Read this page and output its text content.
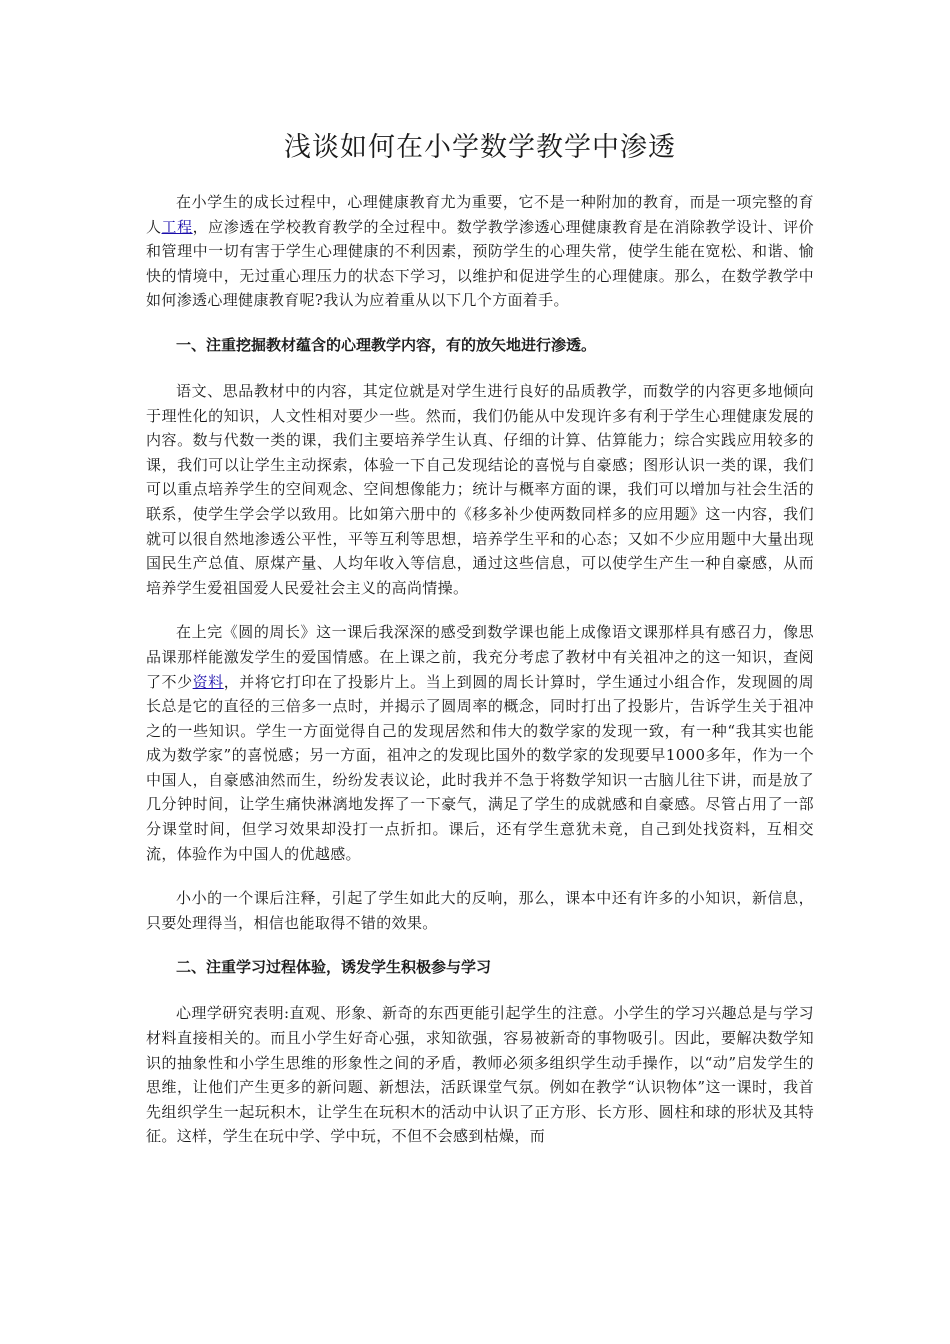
浅谈如何在小学数学教学中渗透

在小学生的成长过程中，心理健康教育尤为重要，它不是一种附加的教育，而是一项完整的育人工程，应渗透在学校教育教学的全过程中。数学教学渗透心理健康教育是在消除教学设计、评价和管理中一切有害于学生心理健康的不利因素，预防学生的心理失常，使学生能在宽松、和谐、愉快的情境中，无过重心理压力的状态下学习，以维护和促进学生的心理健康。那么，在数学教学中如何渗透心理健康教育呢?我认为应着重从以下几个方面着手。

一、注重挖掘教材蕴含的心理教学内容，有的放矢地进行渗透。

语文、思品教材中的内容，其定位就是对学生进行良好的品质教学，而数学的内容更多地倾向于理性化的知识，人文性相对要少一些。然而，我们仍能从中发现许多有利于学生心理健康发展的内容。数与代数一类的课，我们主要培养学生认真、仔细的计算、估算能力；综合实践应用较多的课，我们可以让学生主动探索，体验一下自己发现结论的喜悦与自豪感；图形认识一类的课，我们可以重点培养学生的空间观念、空间想像能力；统计与概率方面的课，我们可以增加与社会生活的联系，使学生学会学以致用。比如第六册中的《移多补少使两数同样多的应用题》这一内容，我们就可以很自然地渗透公平性，平等互利等思想，培养学生平和的心态；又如不少应用题中大量出现国民生产总值、原煤产量、人均年收入等信息，通过这些信息，可以使学生产生一种自豪感，从而培养学生爱祖国爱人民爱社会主义的高尚情操。

在上完《圆的周长》这一课后我深深的感受到数学课也能上成像语文课那样具有感召力，像思品课那样能激发学生的爱国情感。在上课之前，我充分考虑了教材中有关祖冲之的这一知识，查阅了不少资料，并将它打印在了投影片上。当上到圆的周长计算时，学生通过小组合作，发现圆的周长总是它的直径的三倍多一点时，并揭示了圆周率的概念，同时打出了投影片，告诉学生关于祖冲之的一些知识。学生一方面觉得自己的发现居然和伟大的数学家的发现一致，有一种“我其实也能成为数学家”的喜悦感；另一方面，祖冲之的发现比国外的数学家的发现要早1000多年，作为一个中国人，自豪感油然而生，纷纷发表议论，此时我并不急于将数学知识一古脑儿往下讲，而是放了几分钟时间，让学生痛快淋漓地发挥了一下豪气，满足了学生的成就感和自豪感。尽管占用了一部分课堂时间，但学习效果却没打一点折扣。课后，还有学生意犹未竟，自己到处找资料，互相交流，体验作为中国人的优越感。

小小的一个课后注释，引起了学生如此大的反响，那么，课本中还有许多的小知识，新信息，只要处理得当，相信也能取得不错的效果。

二、注重学习过程体验，诱发学生积极参与学习

心理学研究表明:直观、形象、新奇的东西更能引起学生的注意。小学生的学习兴趣总是与学习材料直接相关的。而且小学生好奇心强，求知欲强，容易被新奇的事物吸引。因此，要解决数学知识的抽象性和小学生思维的形象性之间的矛盾，教师必须多组织学生动手操作，以“动”启发学生的思维，让他们产生更多的新问题、新想法，活跃课堂气氛。例如在教学“认识物体”这一课时，我首先组织学生一起玩积木，让学生在玩积木的活动中认识了正方形、长方形、圆柱和球的形状及其特征。这样，学生在玩中学、学中玩，不但不会感到枯燥，而
